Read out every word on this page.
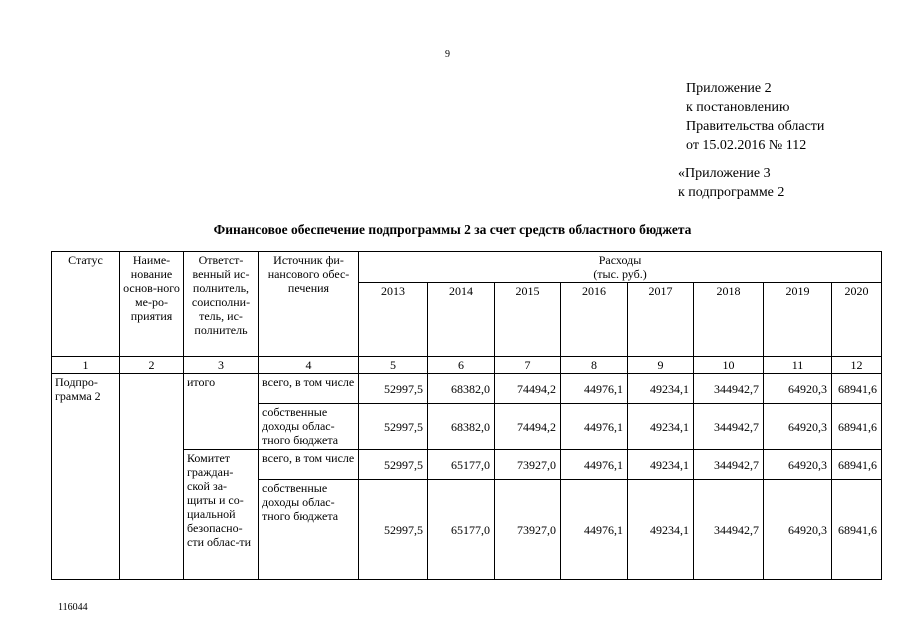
9
Приложение 2
к постановлению
Правительства области
от 15.02.2016 № 112
«Приложение 3
к подпрограмме 2
Финансовое обеспечение подпрограммы 2 за счет средств областного бюджета
Статус	Наиме-нование основ-ного ме-ро-приятия	Ответст-венный ис-полнитель, соисполни-тель, ис-полнитель	Источник фи-нансового обес-печения	Расходы
(тыс. руб.)							

				2013	2014	2015	2016	2017	2018	2019	2020
1	2	3	4	5	6	7	8	9	10	11	12
Подпро-грамма 2		итого	всего, в том числе	52997,5	68382,0	74494,2	44976,1	49234,1	344942,7	64920,3	68941,6
			собственные доходы облас-тного бюджета	52997,5	68382,0	74494,2	44976,1	49234,1	344942,7	64920,3	68941,6
		Комитет граждан-ской за-щиты и со-циальной безопасно-сти облас-ти	всего, в том числе	52997,5	65177,0	73927,0	44976,1	49234,1	344942,7	64920,3	68941,6
			собственные доходы облас-тного бюджета	52997,5	65177,0	73927,0	44976,1	49234,1	344942,7	64920,3	68941,6
116044
